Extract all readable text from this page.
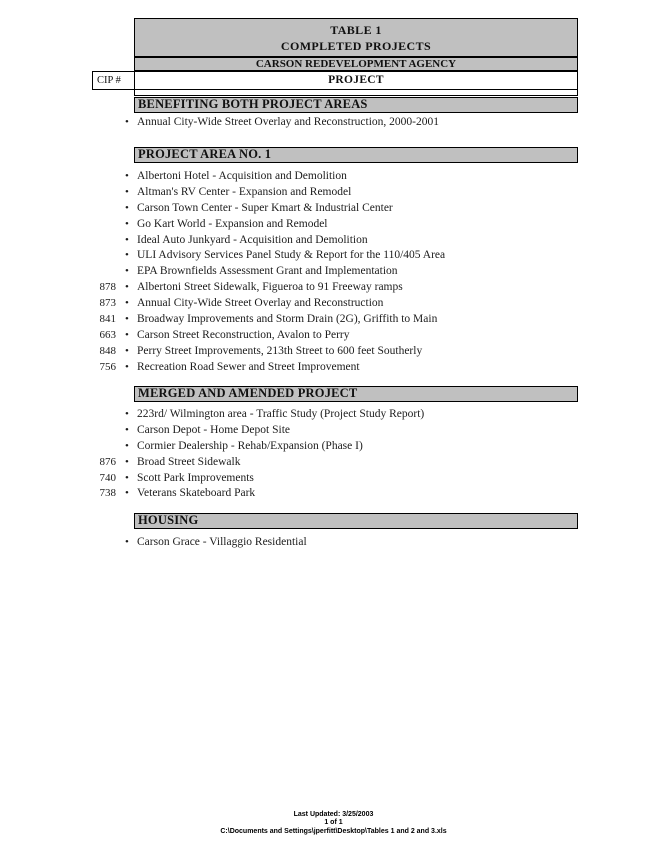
TABLE 1
COMPLETED PROJECTS
CARSON REDEVELOPMENT AGENCY
CIP #	PROJECT
BENEFITING BOTH PROJECT AREAS
• Annual City-Wide Street Overlay and Reconstruction, 2000-2001
PROJECT AREA NO. 1
• Albertoni Hotel - Acquisition and Demolition
• Altman's RV Center - Expansion and Remodel
• Carson Town Center - Super Kmart & Industrial Center
• Go Kart World - Expansion and Remodel
• Ideal Auto Junkyard - Acquisition and Demolition
• ULI Advisory Services Panel Study & Report for the 110/405 Area
• EPA Brownfields Assessment Grant and Implementation
878 • Albertoni Street Sidewalk, Figueroa to 91 Freeway ramps
873 • Annual City-Wide Street Overlay and Reconstruction
841 • Broadway Improvements and Storm Drain (2G), Griffith to Main
663 • Carson Street Reconstruction, Avalon to Perry
848 • Perry Street Improvements, 213th Street to 600 feet Southerly
756 • Recreation Road Sewer and Street Improvement
MERGED AND AMENDED PROJECT
• 223rd/ Wilmington area - Traffic Study (Project Study Report)
• Carson Depot - Home Depot Site
• Cormier Dealership - Rehab/Expansion (Phase I)
876 • Broad Street Sidewalk
740 • Scott Park Improvements
738 • Veterans Skateboard Park
HOUSING
• Carson Grace - Villaggio Residential
Last Updated: 3/25/2003
1 of 1
C:\Documents and Settings\jperfitt\Desktop\Tables 1 and 2 and 3.xls
